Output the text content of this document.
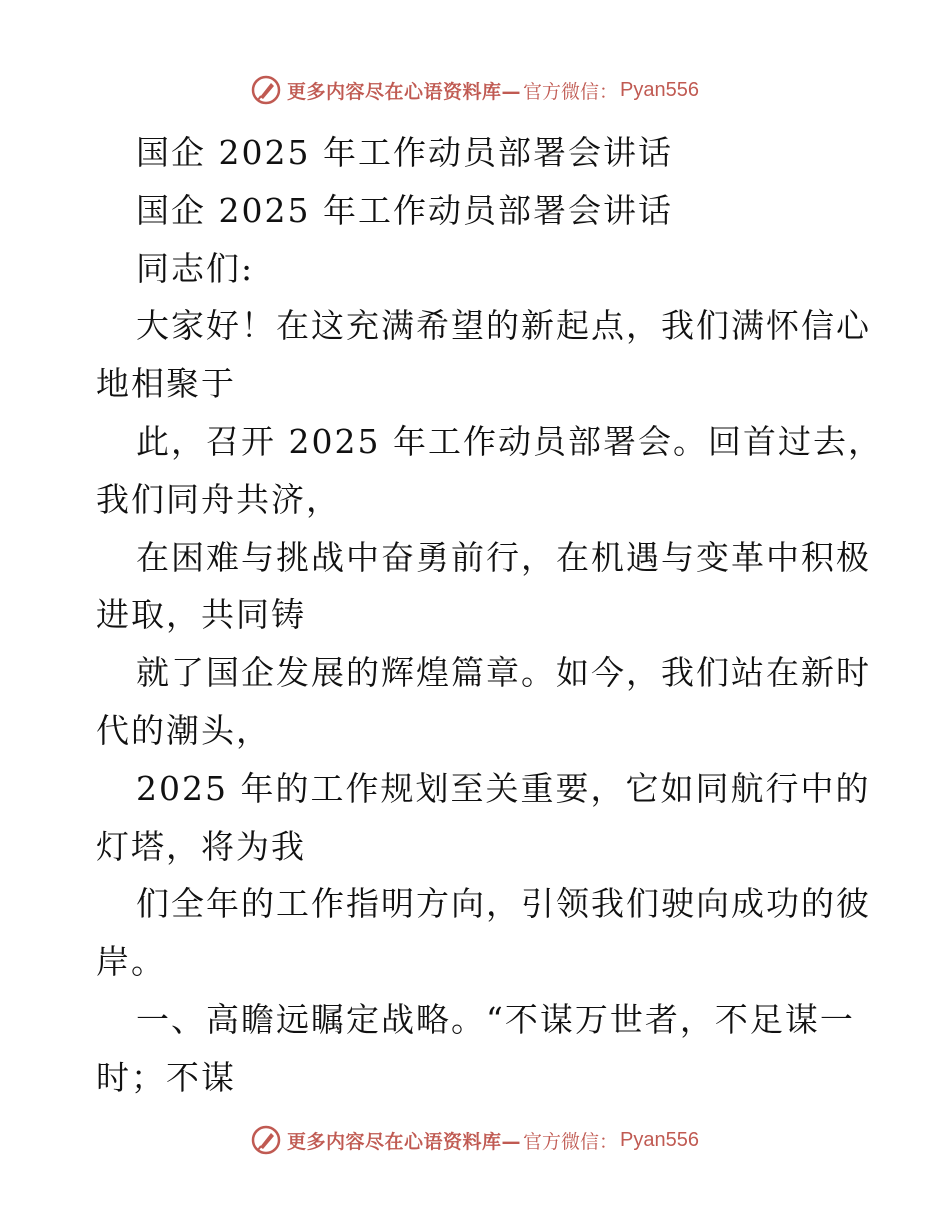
更多内容尽在心语资料库— 官方微信： Pyan556
国企 2025 年工作动员部署会讲话
国企 2025 年工作动员部署会讲话
同志们:
大家好！在这充满希望的新起点，我们满怀信心
地相聚于
此，召开 2025 年工作动员部署会。回首过去，
我们同舟共济，
在困难与挑战中奋勇前行，在机遇与变革中积极
进取，共同铸
就了国企发展的辉煌篇章。如今，我们站在新时
代的潮头，
2025 年的工作规划至关重要，它如同航行中的
灯塔，将为我
们全年的工作指明方向，引领我们驶向成功的彼
岸。
一、高瞻远瞩定战略。“不谋万世者，不足谋一
时；不谋
更多内容尽在心语资料库— 官方微信： Pyan556
